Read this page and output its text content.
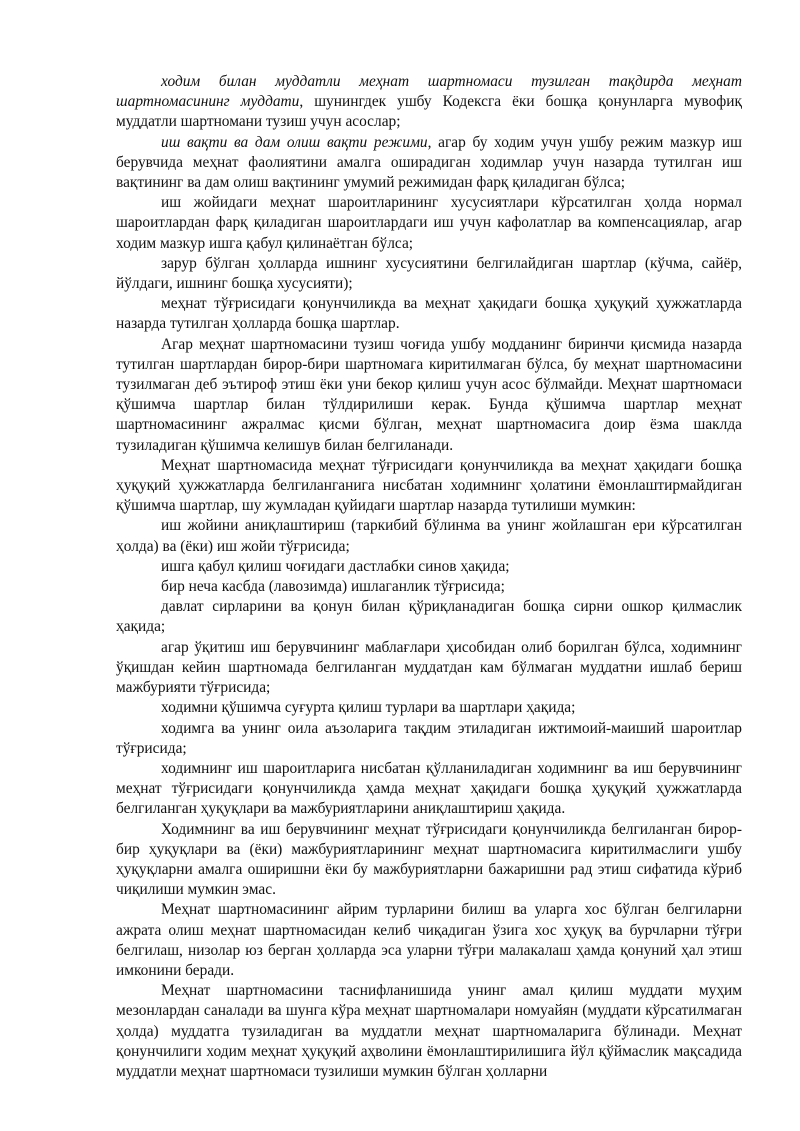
ходим билан муддатли меҳнат шартномаси тузилган тақдирда меҳнат шартномасининг муддати, шунингдек ушбу Кодексга ёки бошқа қонунларга мувофиқ муддатли шартномани тузиш учун асослар;

иш вақти ва дам олиш вақти режими, агар бу ходим учун ушбу режим мазкур иш берувчида меҳнат фаолиятини амалга оширадиган ходимлар учун назарда тутилган иш вақтининг ва дам олиш вақтининг умумий режимидан фарқ қиладиган бўлса;

иш жойидаги меҳнат шароитларининг хусусиятлари кўрсатилган ҳолда нормал шароитлардан фарқ қиладиган шароитлардаги иш учун кафолатлар ва компенсациялар, агар ходим мазкур ишга қабул қилинаётган бўлса;

зарур бўлган ҳолларда ишнинг хусусиятини белгилайдиган шартлар (кўчма, сайёр, йўлдаги, ишнинг бошқа хусусияти);

меҳнат тўғрисидаги қонунчиликда ва меҳнат ҳақидаги бошқа ҳуқуқий ҳужжатларда назарда тутилган ҳолларда бошқа шартлар.

Агар меҳнат шартномасини тузиш чоғида ушбу модданинг биринчи қисмида назарда тутилган шартлардан бирор-бири шартномага киритилмаган бўлса, бу меҳнат шартномасини тузилмаган деб эътироф этиш ёки уни бекор қилиш учун асос бўлмайди. Меҳнат шартномаси қўшимча шартлар билан тўлдирилиши керак. Бунда қўшимча шартлар меҳнат шартномасининг ажралмас қисми бўлган, меҳнат шартномасига доир ёзма шаклда тузиладиган қўшимча келишув билан белгиланади.

Меҳнат шартномасида меҳнат тўғрисидаги қонунчиликда ва меҳнат ҳақидаги бошқа ҳуқуқий ҳужжатларда белгиланганига нисбатан ходимнинг ҳолатини ёмонлаштирмайдиган қўшимча шартлар, шу жумладан қуйидаги шартлар назарда тутилиши мумкин:

иш жойини аниқлаштириш (таркибий бўлинма ва унинг жойлашган ери кўрсатилган ҳолда) ва (ёки) иш жойи тўғрисида;

ишга қабул қилиш чоғидаги дастлабки синов ҳақида;

бир неча касбда (лавозимда) ишлаганлик тўғрисида;

давлат сирларини ва қонун билан қўриқланадиган бошқа сирни ошкор қилмаслик ҳақида;

агар ўқитиш иш берувчининг маблағлари ҳисобидан олиб борилган бўлса, ходимнинг ўқишдан кейин шартномада белгиланган муддатдан кам бўлмаган муддатни ишлаб бериш мажбурияти тўғрисида;

ходимни қўшимча суғурта қилиш турлари ва шартлари ҳақида;

ходимга ва унинг оила аъзоларига тақдим этиладиган ижтимоий-маиший шароитлар тўғрисида;

ходимнинг иш шароитларига нисбатан қўлланиладиган ходимнинг ва иш берувчининг меҳнат тўғрисидаги қонунчиликда ҳамда меҳнат ҳақидаги бошқа ҳуқуқий ҳужжатларда белгиланган ҳуқуқлари ва мажбуриятларини аниқлаштириш ҳақида.

Ходимнинг ва иш берувчининг меҳнат тўғрисидаги қонунчиликда белгиланган бирор-бир ҳуқуқлари ва (ёки) мажбуриятларининг меҳнат шартномасига киритилмаслиги ушбу ҳуқуқларни амалга оширишни ёки бу мажбуриятларни бажаришни рад этиш сифатида кўриб чиқилиши мумкин эмас.

Меҳнат шартномасининг айрим турларини билиш ва уларга хос бўлган белгиларни ажрата олиш меҳнат шартномасидан келиб чиқадиган ўзига хос ҳуқуқ ва бурчларни тўғри белгилаш, низолар юз берган ҳолларда эса уларни тўғри малакалаш ҳамда қонуний ҳал этиш имконини беради.

Меҳнат шартномасини таснифланишида унинг амал қилиш муддати муҳим мезонлардан саналади ва шунга кўра меҳнат шартномалари номуайян (муддати кўрсатилмаган ҳолда) муддатга тузиладиган ва муддатли меҳнат шартномаларига бўлинади. Меҳнат қонунчилиги ходим меҳнат ҳуқуқий аҳволини ёмонлаштирилишига йўл қўймаслик мақсадида муддатли меҳнат шартномаси тузилиши мумкин бўлган ҳолларни
